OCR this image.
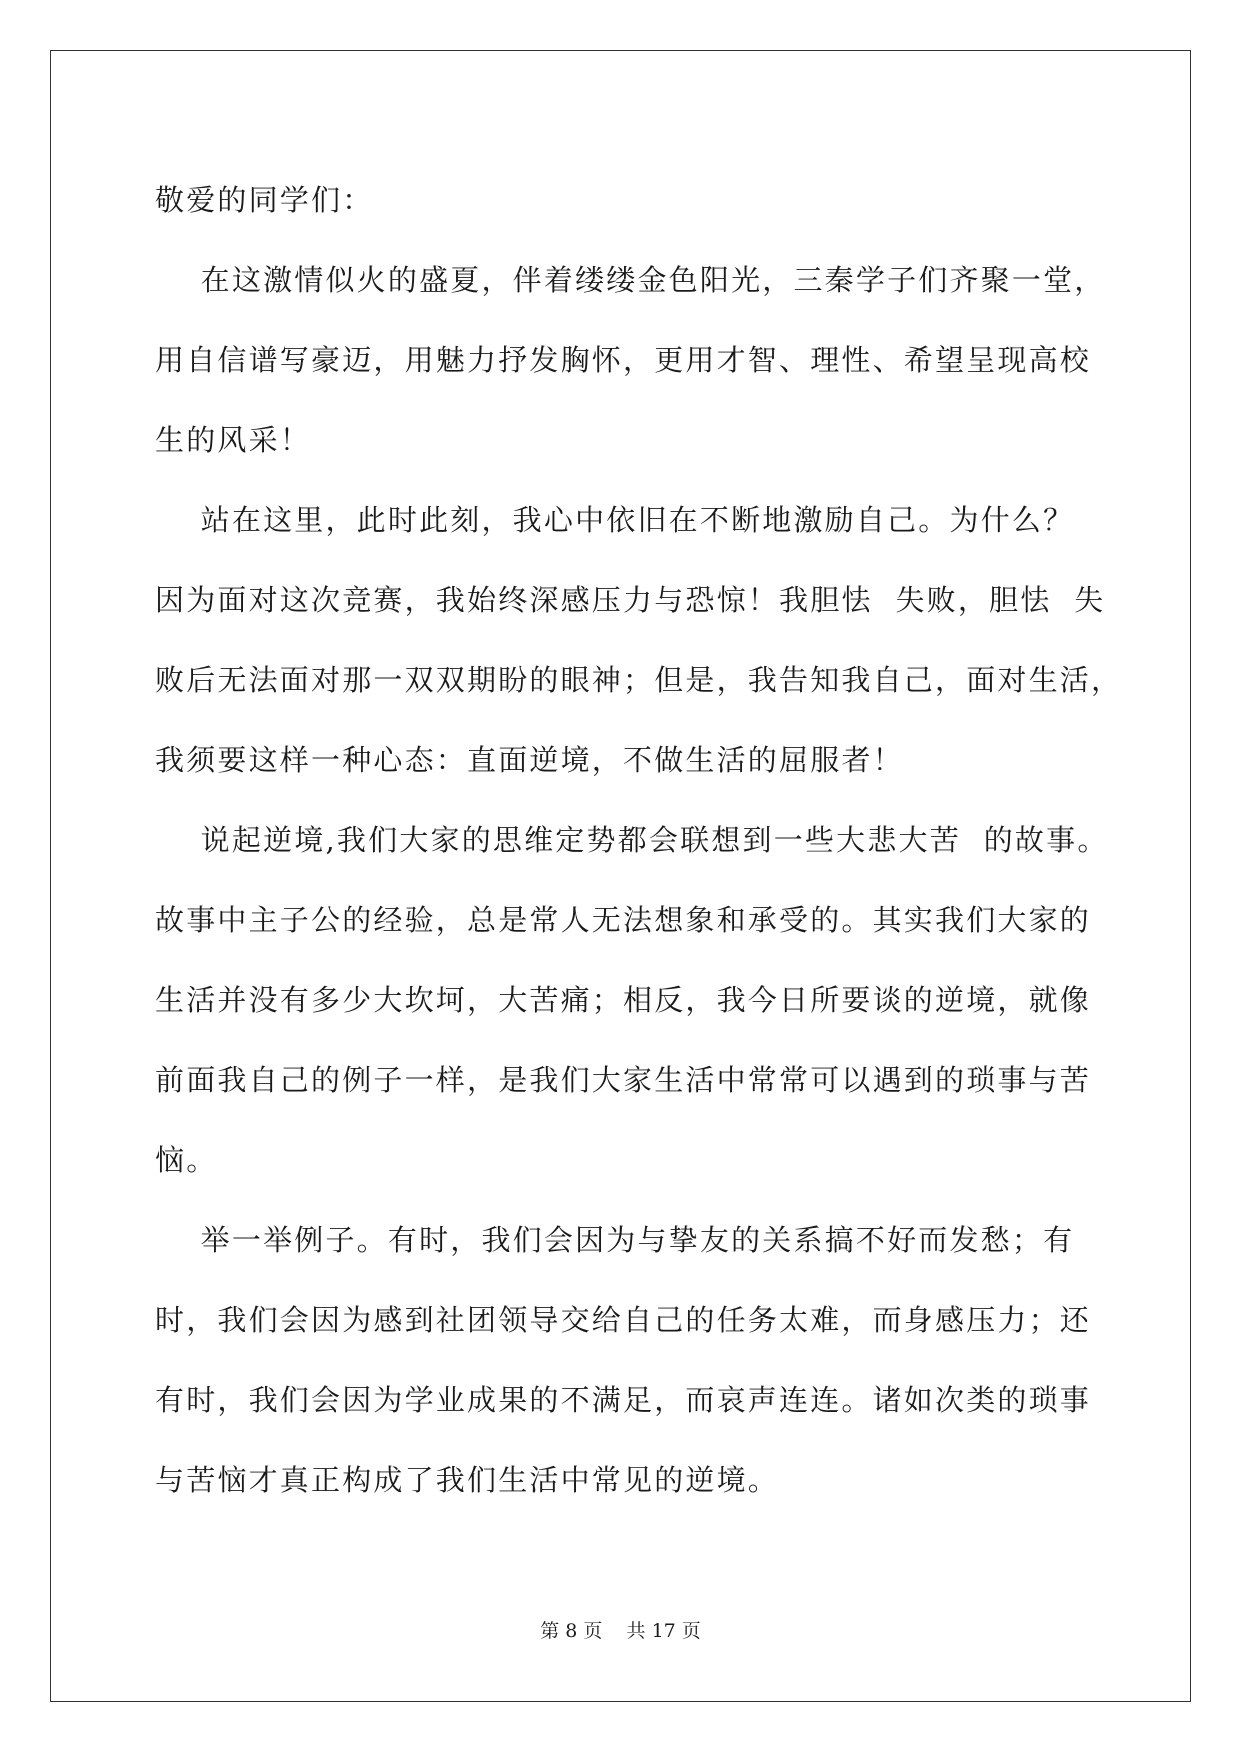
敬爱的同学们：
在这激情似火的盛夏，伴着缕缕金色阳光，三秦学子们齐聚一堂，
用自信谱写豪迈，用魅力抒发胸怀，更用才智、理性、希望呈现高校
生的风采！
站在这里，此时此刻，我心中依旧在不断地激励自己。为什么？
因为面对这次竞赛，我始终深感压力与恐惊！我胆怯  失败，胆怯  失
败后无法面对那一双双期盼的眼神；但是，我告知我自己，面对生活，
我须要这样一种心态：直面逆境，不做生活的屈服者！
说起逆境,我们大家的思维定势都会联想到一些大悲大苦  的故事。
故事中主子公的经验，总是常人无法想象和承受的。其实我们大家的
生活并没有多少大坎坷，大苦痛；相反，我今日所要谈的逆境，就像
前面我自己的例子一样，是我们大家生活中常常可以遇到的琐事与苦
恼。
举一举例子。有时，我们会因为与挚友的关系搞不好而发愁；有
时，我们会因为感到社团领导交给自己的任务太难，而身感压力；还
有时，我们会因为学业成果的不满足，而哀声连连。诸如次类的琐事
与苦恼才真正构成了我们生活中常见的逆境。
第 8 页    共 17 页
